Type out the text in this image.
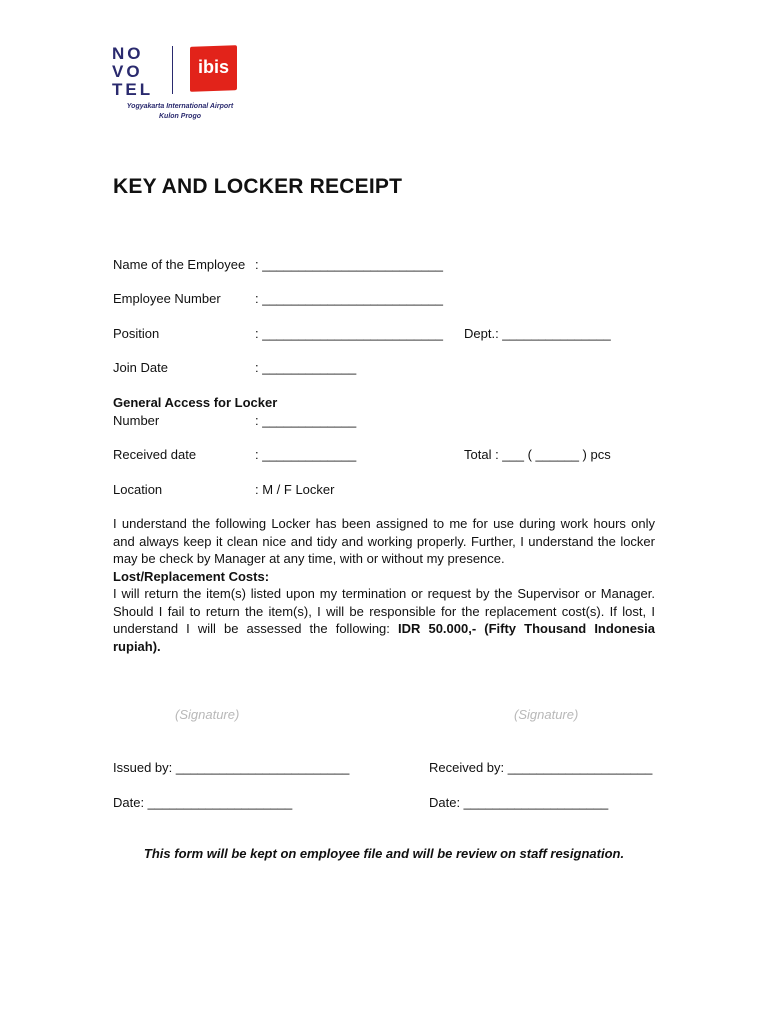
NO
VO
TEL
ibis
Yogyakarta International Airport
Kulon Progo
KEY AND LOCKER RECEIPT
Name of the Employee : _________________________
Employee Number	: _________________________
Position	: _________________________ Dept.: _______________
Join Date	: _____________
General Access for Locker
Number	: _____________
Received date	: _____________	Total : ___ ( ______ ) pcs
Location	: M / F Locker
I understand the following Locker has been assigned to me for use during work hours only and always keep it clean nice and tidy and working properly. Further, I understand the locker may be check by Manager at any time, with or without my presence.
Lost/Replacement Costs:
I will return the item(s) listed upon my termination or request by the Supervisor or Manager. Should I fail to return the item(s), I will be responsible for the replacement cost(s). If lost, I understand I will be assessed the following: IDR 50.000,- (Fifty Thousand Indonesia rupiah).
(Signature)	(Signature)
Issued by: ________________________	Received by: ____________________
Date: ____________________	Date: ____________________
This form will be kept on employee file and will be review on staff resignation.
